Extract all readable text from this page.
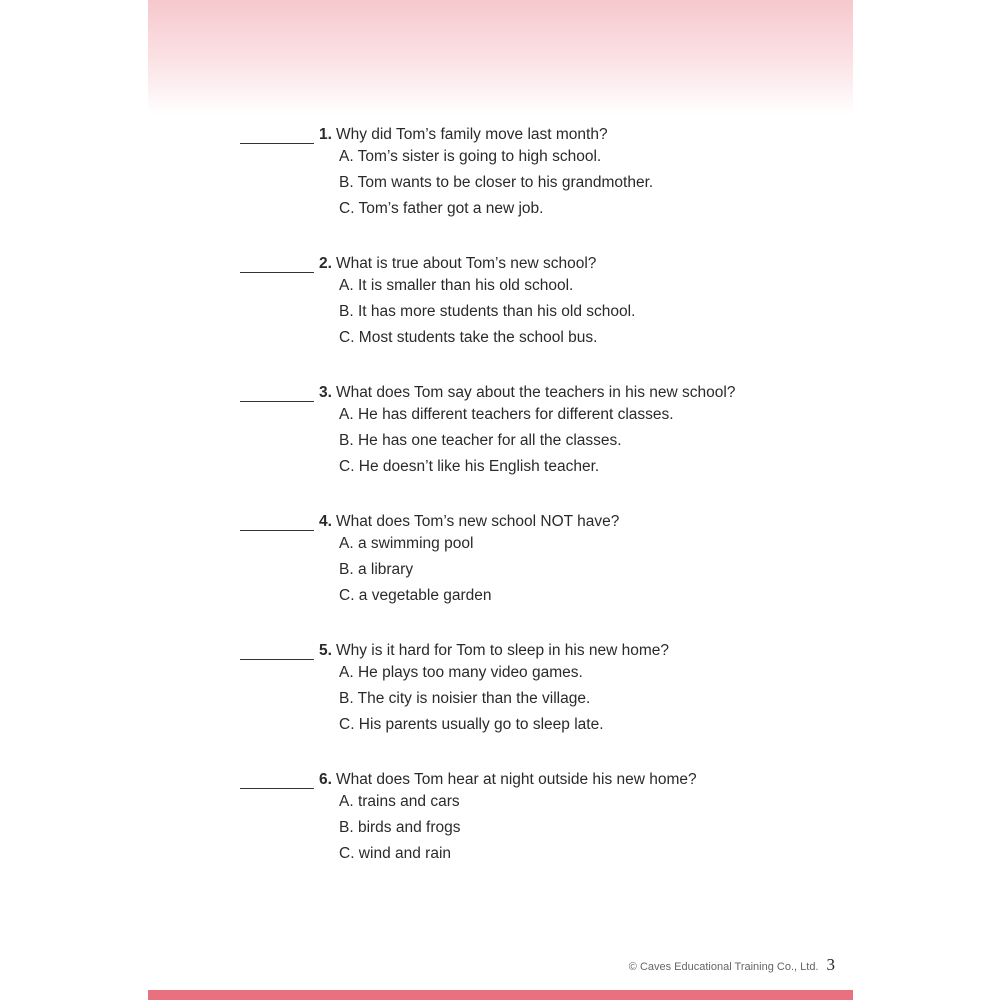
1. Why did Tom’s family move last month?
A. Tom’s sister is going to high school.
B. Tom wants to be closer to his grandmother.
C. Tom’s father got a new job.
2. What is true about Tom’s new school?
A. It is smaller than his old school.
B. It has more students than his old school.
C. Most students take the school bus.
3. What does Tom say about the teachers in his new school?
A. He has different teachers for different classes.
B. He has one teacher for all the classes.
C. He doesn’t like his English teacher.
4. What does Tom’s new school NOT have?
A. a swimming pool
B. a library
C. a vegetable garden
5. Why is it hard for Tom to sleep in his new home?
A. He plays too many video games.
B. The city is noisier than the village.
C. His parents usually go to sleep late.
6. What does Tom hear at night outside his new home?
A. trains and cars
B. birds and frogs
C. wind and rain
© Caves Educational Training Co., Ltd. 3
